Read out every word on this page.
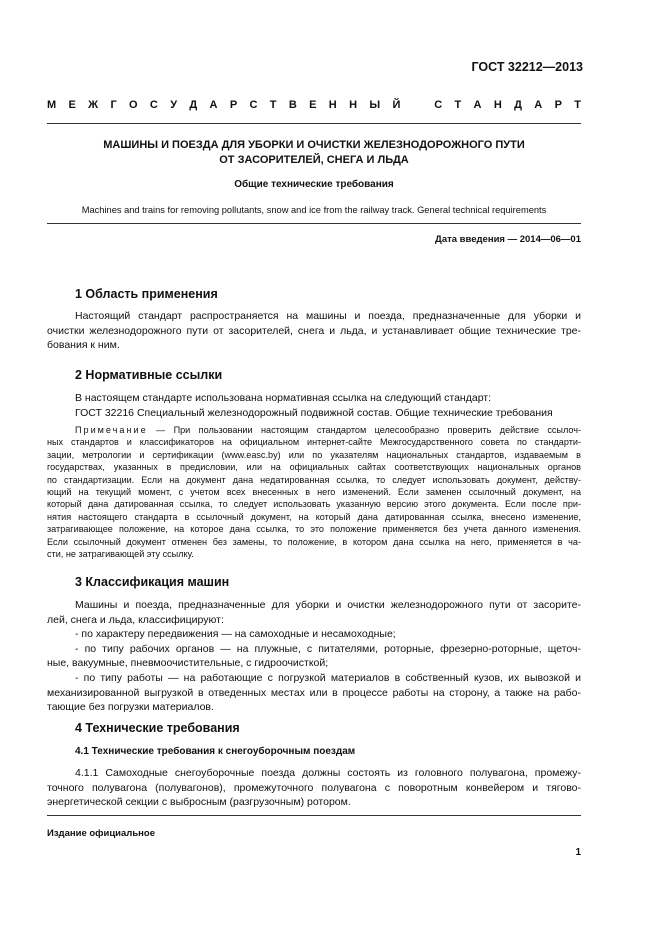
ГОСТ 32212—2013
М Е Ж Г О С У Д А Р С Т В Е Н Н Ы Й
	С Т А Н Д А Р Т
МАШИНЫ И ПОЕЗДА ДЛЯ УБОРКИ И ОЧИСТКИ ЖЕЛЕЗНОДОРОЖНОГО ПУТИ
ОТ ЗАСОРИТЕЛЕЙ, СНЕГА И ЛЬДА
Общие технические требования
Machines and trains for removing pollutants, snow and ice from the railway track. General technical requirements
Дата введения — 2014—06—01
1 Область применения
Настоящий стандарт распространяется на машины и поезда, предназначенные для уборки и
очистки железнодорожного пути от засорителей, снега и льда, и устанавливает общие технические тре-
бования к ним.
2 Нормативные ссылки
В настоящем стандарте использована нормативная ссылка на следующий стандарт:
ГОСТ 32216 Специальный железнодорожный подвижной состав. Общие технические требования
Примечание — При пользовании настоящим стандартом целесообразно проверить действие ссылоч-
ных стандартов и классификаторов на официальном интернет-сайте Межгосударственного совета по стандарти-
зации, метрологии и сертификации (www.easc.by) или по указателям национальных стандартов, издаваемым в
государствах, указанных в предисловии, или на официальных сайтах соответствующих национальных органов
по стандартизации. Если на документ дана недатированная ссылка, то следует использовать документ, действу-
ющий на текущий момент, с учетом всех внесенных в него изменений. Если заменен ссылочный документ, на
который дана датированная ссылка, то следует использовать указанную версию этого документа. Если после при-
нятия настоящего стандарта в ссылочный документ, на который дана датированная ссылка, внесено изменение,
затрагивающее положение, на которое дана ссылка, то это положение применяется без учета данного изменения.
Если ссылочный документ отменен без замены, то положение, в котором дана ссылка на него, применяется в ча-
сти, не затрагивающей эту ссылку.
3 Классификация машин
Машины и поезда, предназначенные для уборки и очистки железнодорожного пути от засорите-
лей, снега и льда, классифицируют:
- по характеру передвижения — на самоходные и несамоходные;
- по типу рабочих органов — на плужные, с питателями, роторные, фрезерно-роторные, щеточ-
ные, вакуумные, пневмоочистительные, с гидроочисткой;
- по типу работы — на работающие с погрузкой материалов в собственный кузов, их вывозкой и
механизированной выгрузкой в отведенных местах или в процессе работы на сторону, а также на рабо-
тающие без погрузки материалов.
4 Технические требования
4.1 Технические требования к снегоуборочным поездам
4.1.1 Самоходные снегоуборочные поезда должны состоять из головного полувагона, промежу-
точного полувагона (полувагонов), промежуточного полувагона с поворотным конвейером и тягово-
энергетической секции с выбросным (разгрузочным) ротором.
Издание официальное
1
